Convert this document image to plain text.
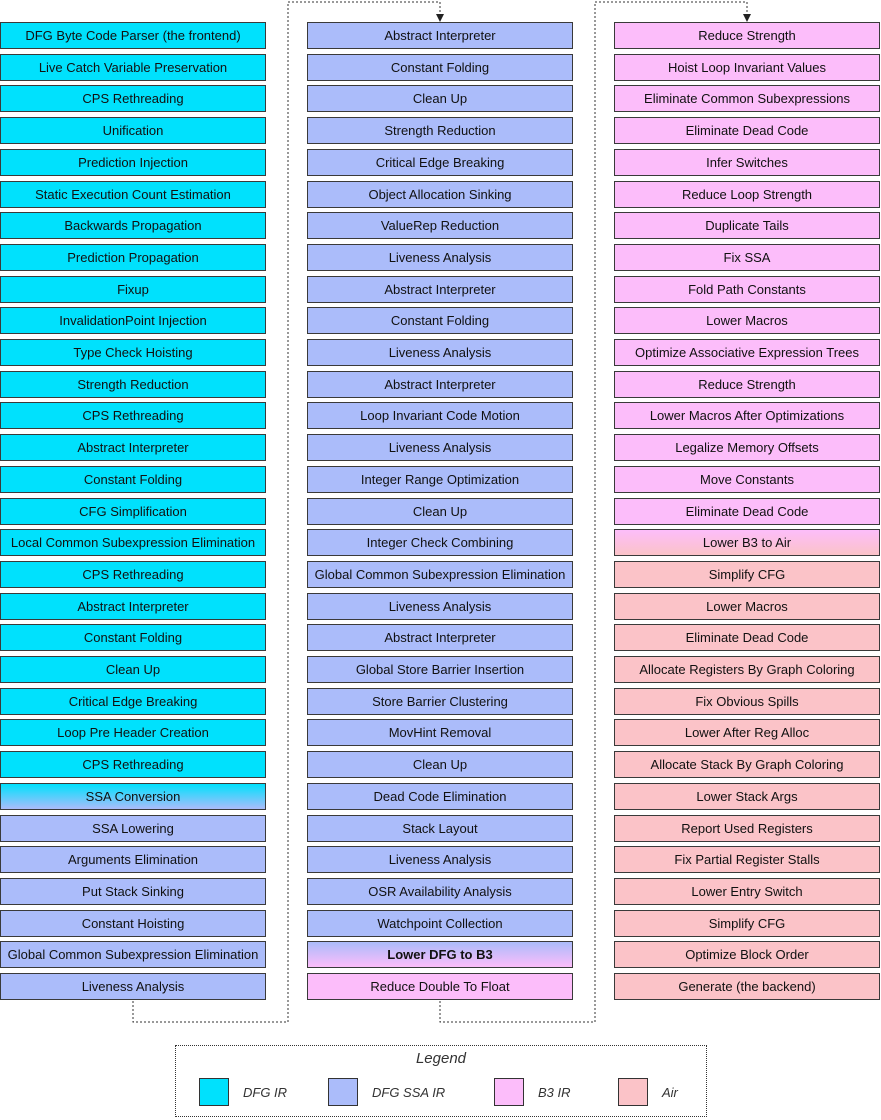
DFG Byte Code Parser (the frontend)
Live Catch Variable Preservation
CPS Rethreading
Unification
Prediction Injection
Static Execution Count Estimation
Backwards Propagation
Prediction Propagation
Fixup
InvalidationPoint Injection
Type Check Hoisting
Strength Reduction
CPS Rethreading
Abstract Interpreter
Constant Folding
CFG Simplification
Local Common Subexpression Elimination
CPS Rethreading
Abstract Interpreter
Constant Folding
Clean Up
Critical Edge Breaking
Loop Pre Header Creation
CPS Rethreading
SSA Conversion
SSA Lowering
Arguments Elimination
Put Stack Sinking
Constant Hoisting
Global Common Subexpression Elimination
Liveness Analysis
Abstract Interpreter
Constant Folding
Clean Up
Strength Reduction
Critical Edge Breaking
Object Allocation Sinking
ValueRep Reduction
Liveness Analysis
Abstract Interpreter
Constant Folding
Liveness Analysis
Abstract Interpreter
Loop Invariant Code Motion
Liveness Analysis
Integer Range Optimization
Clean Up
Integer Check Combining
Global Common Subexpression Elimination
Liveness Analysis
Abstract Interpreter
Global Store Barrier Insertion
Store Barrier Clustering
MovHint Removal
Clean Up
Dead Code Elimination
Stack Layout
Liveness Analysis
OSR Availability Analysis
Watchpoint Collection
Lower DFG to B3
Reduce Double To Float
Reduce Strength
Hoist Loop Invariant Values
Eliminate Common Subexpressions
Eliminate Dead Code
Infer Switches
Reduce Loop Strength
Duplicate Tails
Fix SSA
Fold Path Constants
Lower Macros
Optimize Associative Expression Trees
Reduce Strength
Lower Macros After Optimizations
Legalize Memory Offsets
Move Constants
Eliminate Dead Code
Lower B3 to Air
Simplify CFG
Lower Macros
Eliminate Dead Code
Allocate Registers By Graph Coloring
Fix Obvious Spills
Lower After Reg Alloc
Allocate Stack By Graph Coloring
Lower Stack Args
Report Used Registers
Fix Partial Register Stalls
Lower Entry Switch
Simplify CFG
Optimize Block Order
Generate (the backend)
Legend
DFG IR	DFG SSA IR	B3 IR	Air
